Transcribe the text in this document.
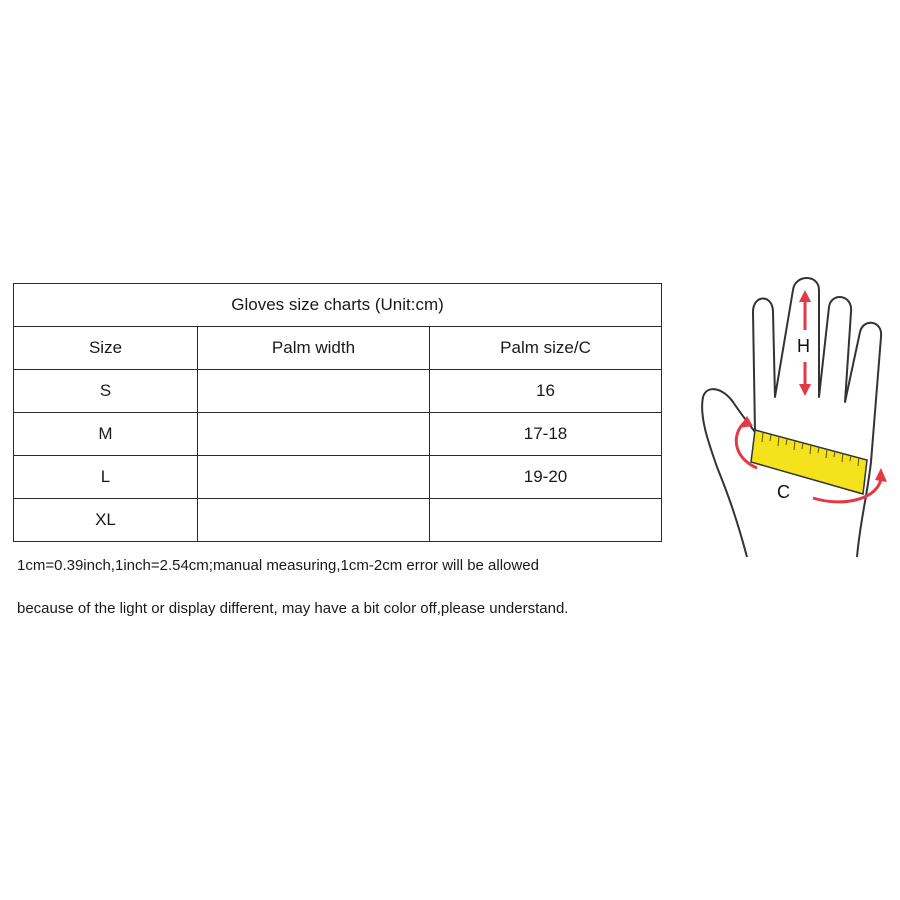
Gloves size charts (Unit:cm)		
Size	Palm width	Palm size/C
S		16
M		17-18
L		19-20
XL		
1cm=0.39inch,1inch=2.54cm;manual measuring,1cm-2cm error will be allowed
because of the light or display different, may have a bit color off,please understand.
H
C
